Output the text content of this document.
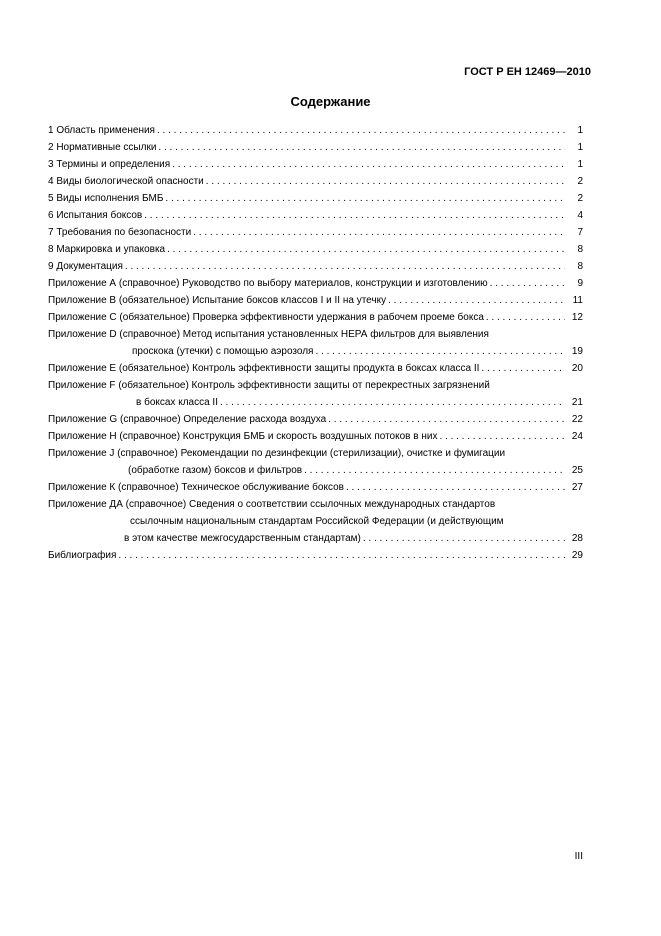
ГОСТ Р ЕН 12469—2010
Содержание
1 Область применения . . .	1
2 Нормативные ссылки . . .	1
3 Термины и определения . . .	1
4 Виды биологической опасности . . .	2
5 Виды исполнения БМБ . . .	2
6 Испытания боксов . . .	4
7 Требования по безопасности . . .	7
8 Маркировка и упаковка . . .	8
9 Документация . . .	8
Приложение А (справочное) Руководство по выбору материалов, конструкции и изготовлению . . .	9
Приложение В (обязательное) Испытание боксов классов I и II на утечку . . .	11
Приложение С (обязательное) Проверка эффективности удержания в рабочем проеме бокса . . .	12
Приложение D (справочное) Метод испытания установленных НЕРА фильтров для выявления
проскока (утечки) с помощью аэрозоля . . .	19
Приложение Е (обязательное) Контроль эффективности защиты продукта в боксах класса II . . .	20
Приложение F (обязательное) Контроль эффективности защиты от перекрестных загрязнений
в боксах класса II . . .	21
Приложение G (справочное) Определение расхода воздуха . . .	22
Приложение Н (справочное) Конструкция БМБ и скорость воздушных потоков в них . . .	24
Приложение J (справочное) Рекомендации по дезинфекции (стерилизации), очистке и фумигации
(обработке газом) боксов и фильтров . . .	25
Приложение К (справочное) Техническое обслуживание боксов . . .	27
Приложение ДА (справочное) Сведения о соответствии ссылочных международных стандартов
ссылочным национальным стандартам Российской Федерации (и действующим
в этом качестве межгосударственным стандартам) . . .	28
Библиография . . .	29
III
